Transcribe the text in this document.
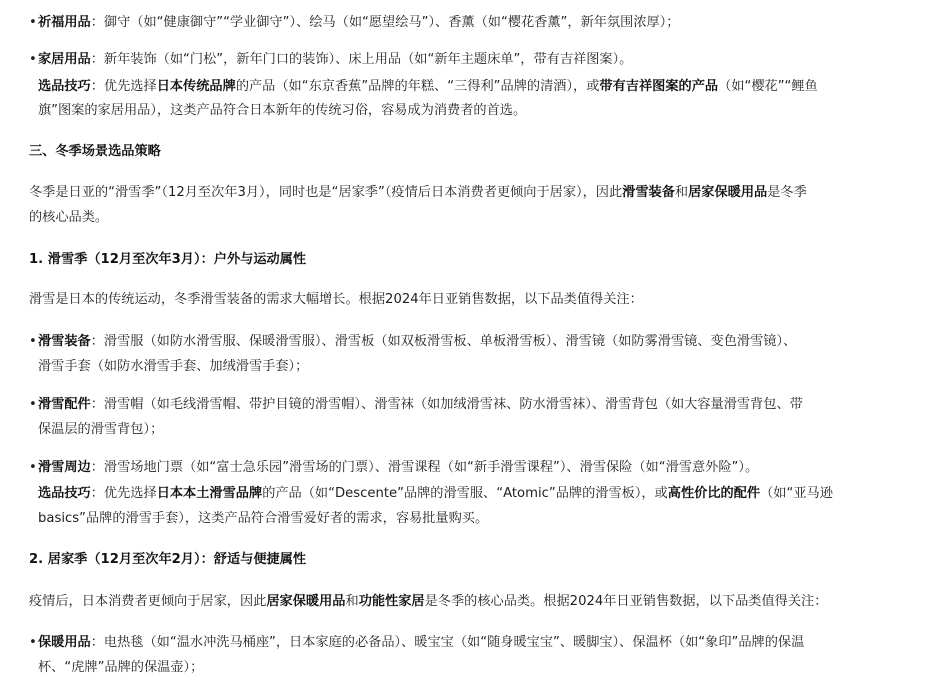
•祈福用品：御守（如“健康御守”“学业御守”）、绘马（如“愿望绘马”）、香薰（如“樱花香薰”，新年氛围浓厚）；
•家居用品：新年装饰（如“门松”，新年门口的装饰）、床上用品（如“新年主题床单”，带有吉祥图案）。
选品技巧：优先选择日本传统品牌的产品（如“东京香蕉”品牌的年糕、“三得利”品牌的清酒），或带有吉祥图案的产品（如“樱花”“鲤鱼
旗”图案的家居用品），这类产品符合日本新年的传统习俗，容易成为消费者的首选。
三、冬季场景选品策略
冬季是日亚的“滑雪季”（12月至次年3月），同时也是“居家季”（疫情后日本消费者更倾向于居家），因此滑雪装备和居家保暖用品是冬季
的核心品类。
1. 滑雪季（12月至次年3月）：户外与运动属性
滑雪是日本的传统运动，冬季滑雪装备的需求大幅增长。根据2024年日亚销售数据，以下品类值得关注：
•滑雪装备：滑雪服（如防水滑雪服、保暖滑雪服）、滑雪板（如双板滑雪板、单板滑雪板）、滑雪镜（如防雾滑雪镜、变色滑雪镜）、
滑雪手套（如防水滑雪手套、加绒滑雪手套）；
•滑雪配件：滑雪帽（如毛线滑雪帽、带护目镜的滑雪帽）、滑雪袜（如加绒滑雪袜、防水滑雪袜）、滑雪背包（如大容量滑雪背包、带
保温层的滑雪背包）；
•滑雪周边：滑雪场地门票（如“富士急乐园”滑雪场的门票）、滑雪课程（如“新手滑雪课程”）、滑雪保险（如“滑雪意外险”）。
选品技巧：优先选择日本本土滑雪品牌的产品（如“Descente”品牌的滑雪服、“Atomic”品牌的滑雪板），或高性价比的配件（如“亚马逊
basics”品牌的滑雪手套），这类产品符合滑雪爱好者的需求，容易批量购买。
2. 居家季（12月至次年2月）：舒适与便捷属性
疫情后，日本消费者更倾向于居家，因此居家保暖用品和功能性家居是冬季的核心品类。根据2024年日亚销售数据，以下品类值得关注：
•保暖用品：电热毯（如“温水冲洗马桶座”，日本家庭的必备品）、暖宝宝（如“随身暖宝宝”、暖脚宝）、保温杯（如“象印”品牌的保温
杯、“虎牌”品牌的保温壶）；
